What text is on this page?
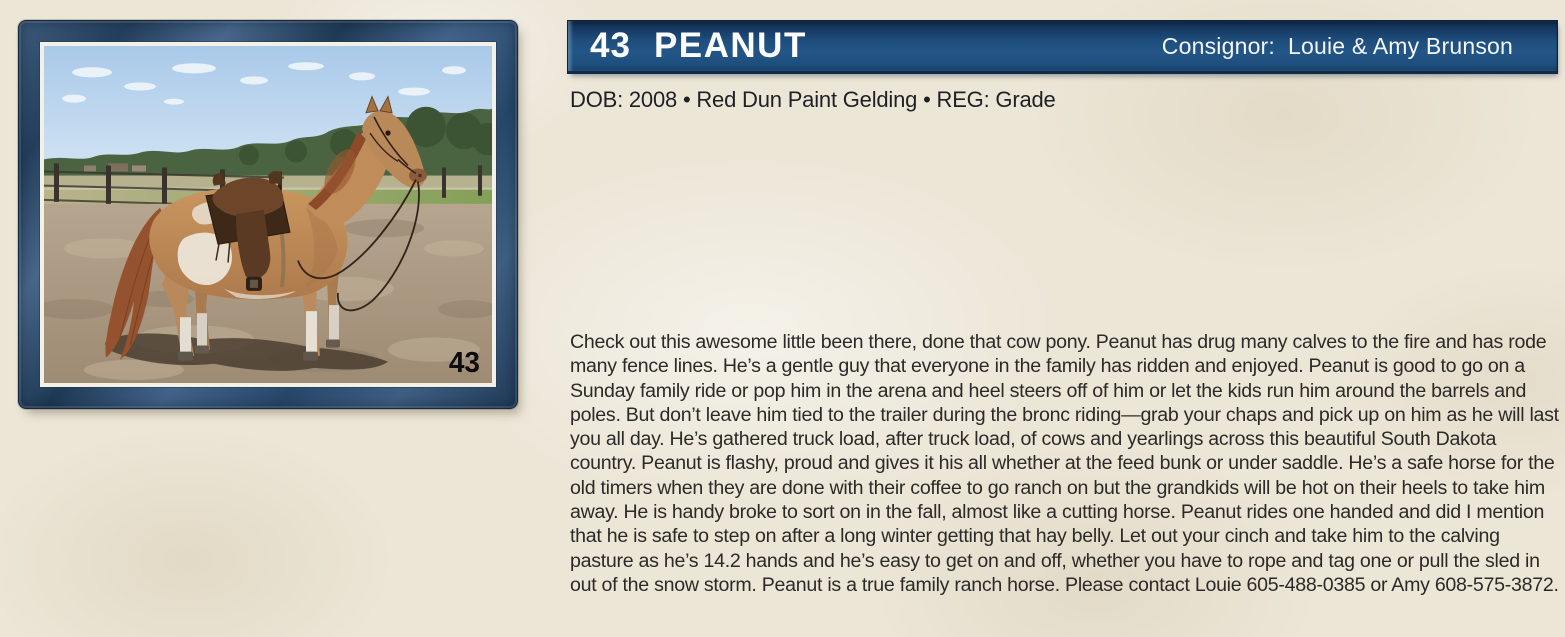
43
43 PEANUT	Consignor: Louie & Amy Brunson
DOB: 2008 • Red Dun Paint Gelding • REG: Grade
Check out this awesome little been there, done that cow pony. Peanut has drug many calves to the fire and has rode many fence lines. He’s a gentle guy that everyone in the family has ridden and enjoyed. Peanut is good to go on a Sunday family ride or pop him in the arena and heel steers off of him or let the kids run him around the barrels and poles. But don’t leave him tied to the trailer during the bronc riding—grab your chaps and pick up on him as he will last you all day. He’s gathered truck load, after truck load, of cows and yearlings across this beautiful South Dakota country. Peanut is flashy, proud and gives it his all whether at the feed bunk or under saddle. He’s a safe horse for the old timers when they are done with their coffee to go ranch on but the grandkids will be hot on their heels to take him away. He is handy broke to sort on in the fall, almost like a cutting horse. Peanut rides one handed and did I mention that he is safe to step on after a long winter getting that hay belly. Let out your cinch and take him to the calving pasture as he’s 14.2 hands and he’s easy to get on and off, whether you have to rope and tag one or pull the sled in out of the snow storm. Peanut is a true family ranch horse. Please contact Louie 605-488-0385 or Amy 608-575-3872.
